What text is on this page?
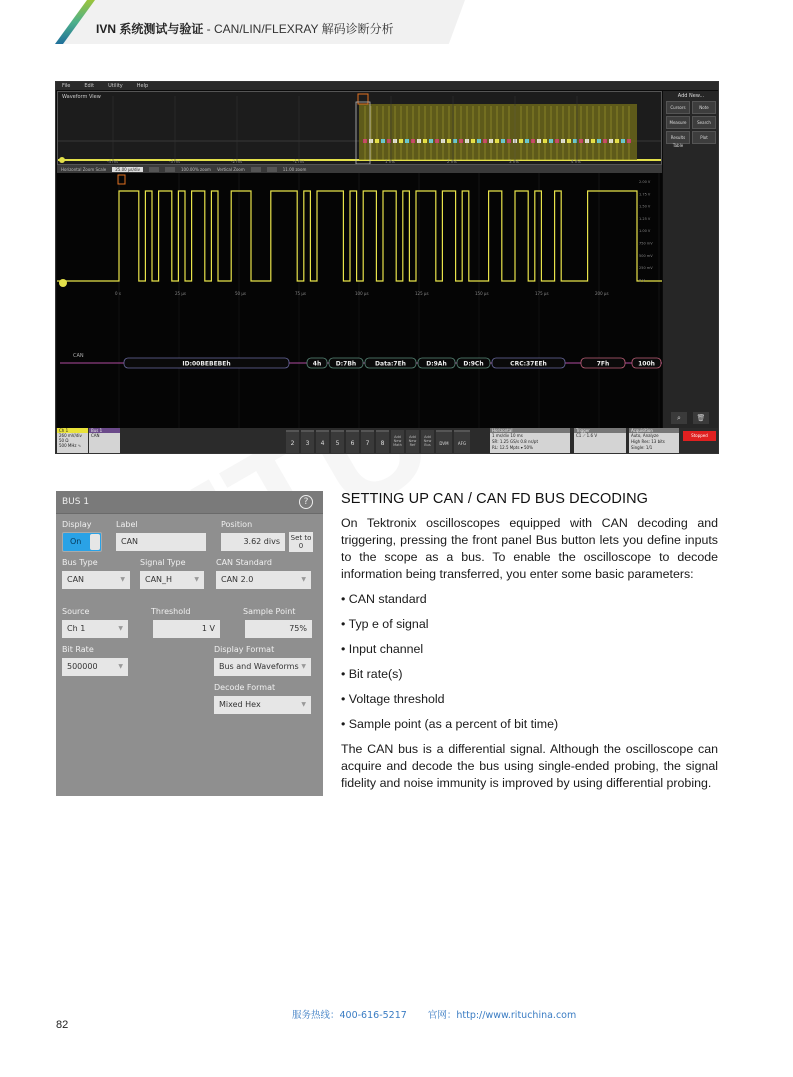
IVN 系统测试与验证 - CAN/LIN/FLEXRAY 解码诊断分析
File	Edit	Utility	Help
Waveform View
-4 ms	-3 ms	-2 ms	-1 ms	1 ms	2 ms	3 ms	4 ms
Horizontal Zoom Scale	25.00 µs/div	100.00% zoom Vertical Zoom	11.00 zoom
0 s	25 µs	50 µs	75 µs	100 µs	125 µs	150 µs	175 µs	200 µs
2.00 V
1.75 V
1.50 V
1.25 V
1.00 V
750 mV
500 mV
250 mV
0 V
CAN
ID:00BEBEBEh	4h D:7Bh	Data:7Eh	D:9Ah	D:9Ch	CRC:37EEh	7Fh	100h
Add New...
Cursors	Note
Measure	Search
Results Table
Plot
⌕	🗑
Ch 1
260 mV/div
50 Ω
500 MHz ∿
Bus 1
CAN
2	3	4	5	6	7	8
Add New Math
Add New Ref
Add New Bus	DVM	AFG
Horizontal
1 ms/div 10 ms
SR: 1.25 GS/s 0.8 ns/pt
RL: 12.5 Mpts ▾ 50%
Trigger
C1 ⟋ 1.6 V
Acquisition
Auto, Analyze
High Res: 13 bits
Single: 1/1
Stopped
BUS 1	?
Display
On
Label
CAN
Position
3.62 divs	Set to 0
Bus Type
CAN	▼
Signal Type
CAN_H	▼
CAN Standard
CAN 2.0	▼
Source
Ch 1	▼
Threshold
1 V
Sample Point
75%
Bit Rate
500000	▼
Display Format
Bus and Waveforms ▼
Decode Format
Mixed Hex	▼
SETTING UP CAN / CAN FD BUS DECODING

On Tektronix oscilloscopes equipped with CAN decoding and triggering, pressing the front panel Bus button lets you define inputs to the scope as a bus. To enable the oscilloscope to decode information being transferred, you enter some basic parameters:

• CAN standard
• Typ e of signal
• Input channel
• Bit rate(s)
• Voltage threshold
• Sample point (as a percent of bit time)

The CAN bus is a differential signal. Although the oscilloscope can acquire and decode the bus using single-ended probing, the signal fidelity and noise immunity is improved by using differential probing.

服务热线：400-616-5217 官网：http://www.rituchina.com
82
